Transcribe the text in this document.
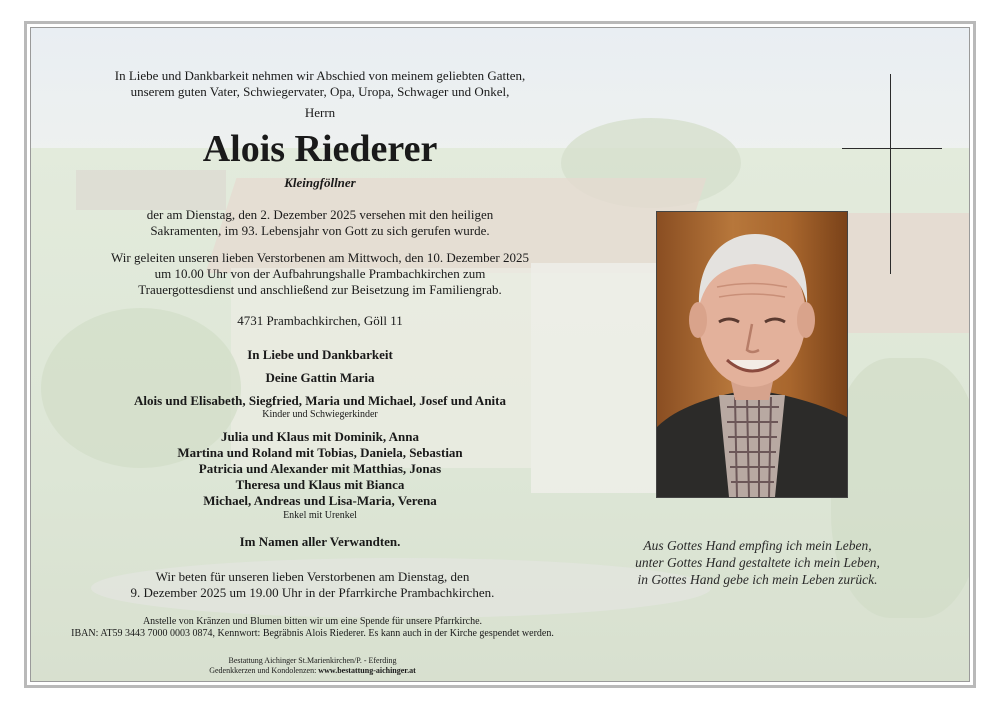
In Liebe und Dankbarkeit nehmen wir Abschied von meinem geliebten Gatten,
unserem guten Vater, Schwiegervater, Opa, Uropa, Schwager und Onkel,
Herrn
Alois Riederer
Kleingföllner
der am Dienstag, den 2. Dezember 2025 versehen mit den heiligen
Sakramenten, im 93. Lebensjahr von Gott zu sich gerufen wurde.
Wir geleiten unseren lieben Verstorbenen am Mittwoch, den 10. Dezember 2025
um 10.00 Uhr von der Aufbahrungshalle Prambachkirchen zum
Trauergottesdienst und anschließend zur Beisetzung im Familiengrab.
4731 Prambachkirchen, Göll 11
In Liebe und Dankbarkeit
Deine Gattin Maria
Alois und Elisabeth, Siegfried, Maria und Michael, Josef und Anita
Kinder und Schwiegerkinder
Julia und Klaus mit Dominik, Anna
Martina und Roland mit Tobias, Daniela, Sebastian
Patricia und Alexander mit Matthias, Jonas
Theresa und Klaus mit Bianca
Michael, Andreas und Lisa-Maria, Verena
Enkel mit Urenkel
Im Namen aller Verwandten.
Wir beten für unseren lieben Verstorbenen am Dienstag, den
9. Dezember 2025 um 19.00 Uhr in der Pfarrkirche Prambachkirchen.
Anstelle von Kränzen und Blumen bitten wir um eine Spende für unsere Pfarrkirche.
IBAN: AT59 3443 7000 0003 0874, Kennwort: Begräbnis Alois Riederer. Es kann auch in der Kirche gespendet werden.
Bestattung Aichinger St.Marienkirchen/P. - Eferding
Gedenkkerzen und Kondolenzen: www.bestattung-aichinger.at
Aus Gottes Hand empfing ich mein Leben,
unter Gottes Hand gestaltete ich mein Leben,
in Gottes Hand gebe ich mein Leben zurück.
